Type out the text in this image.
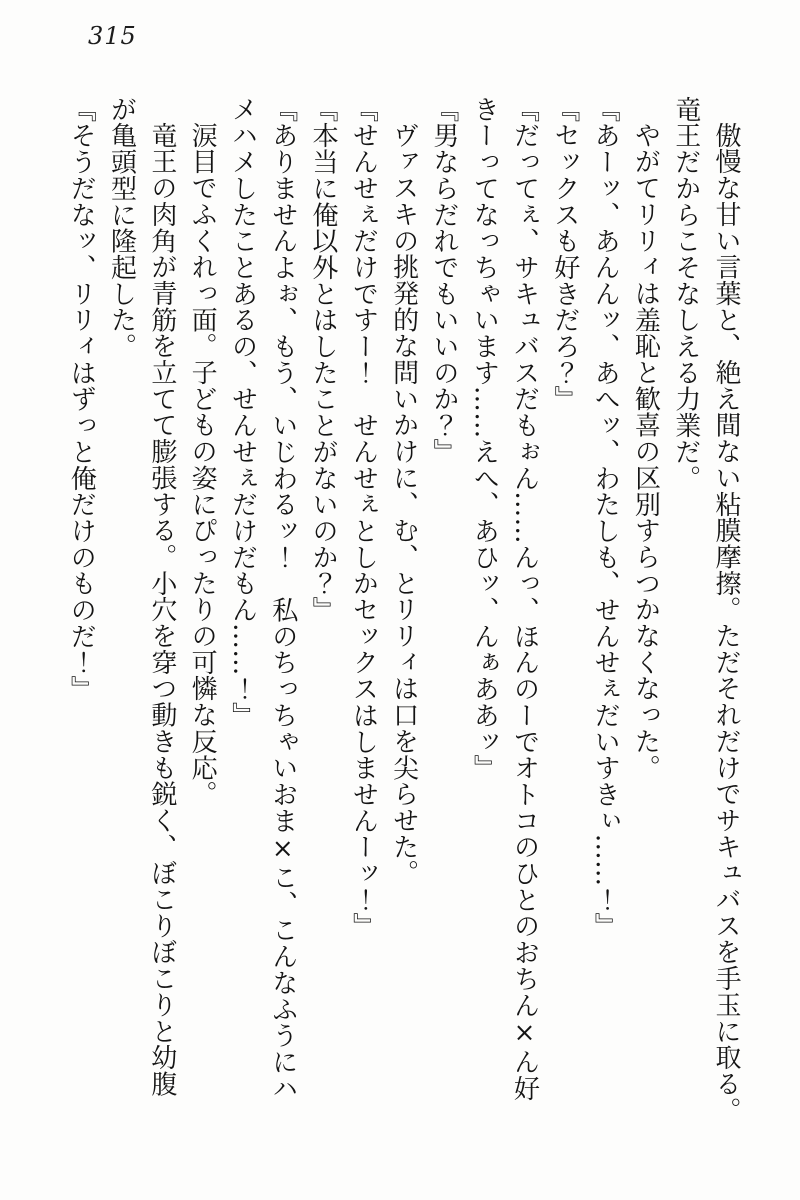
315

傲慢な甘い言葉と、絶え間ない粘膜摩擦。ただそれだけでサキュバスを手玉に取る。

竜王だからこそなしえる力業だ。

やがてリリィは羞恥と歓喜の区別すらつかなくなった。

『あーッ、あんんッ、あへッ、わたしも、せんせぇだいすきぃ……！』

『セックスも好きだろ？』

『だってぇ、サキュバスだもぉん……んっ、ほんのーでオトコのひとのおちん×ん好

きーってなっちゃいます……えへ、あひッ、んぁああッ』

『男ならだれでもいいのか？』

ヴァスキの挑発的な問いかけに、む、とリリィは口を尖らせた。

『せんせぇだけですー！　せんせぇとしかセックスはしませんーッ！』

『本当に俺以外とはしたことがないのか？』

『ありませんよぉ、もう、いじわるッ！　私のちっちゃいおま×こ、こんなふうにハ

メハメしたことあるの、せんせぇだけだもん……！』

涙目でふくれっ面。子どもの姿にぴったりの可憐な反応。

竜王の肉角が青筋を立てて膨張する。小穴を穿つ動きも鋭く、ぼこりぼこりと幼腹

が亀頭型に隆起した。

『そうだなッ、リリィはずっと俺だけのものだ！』
